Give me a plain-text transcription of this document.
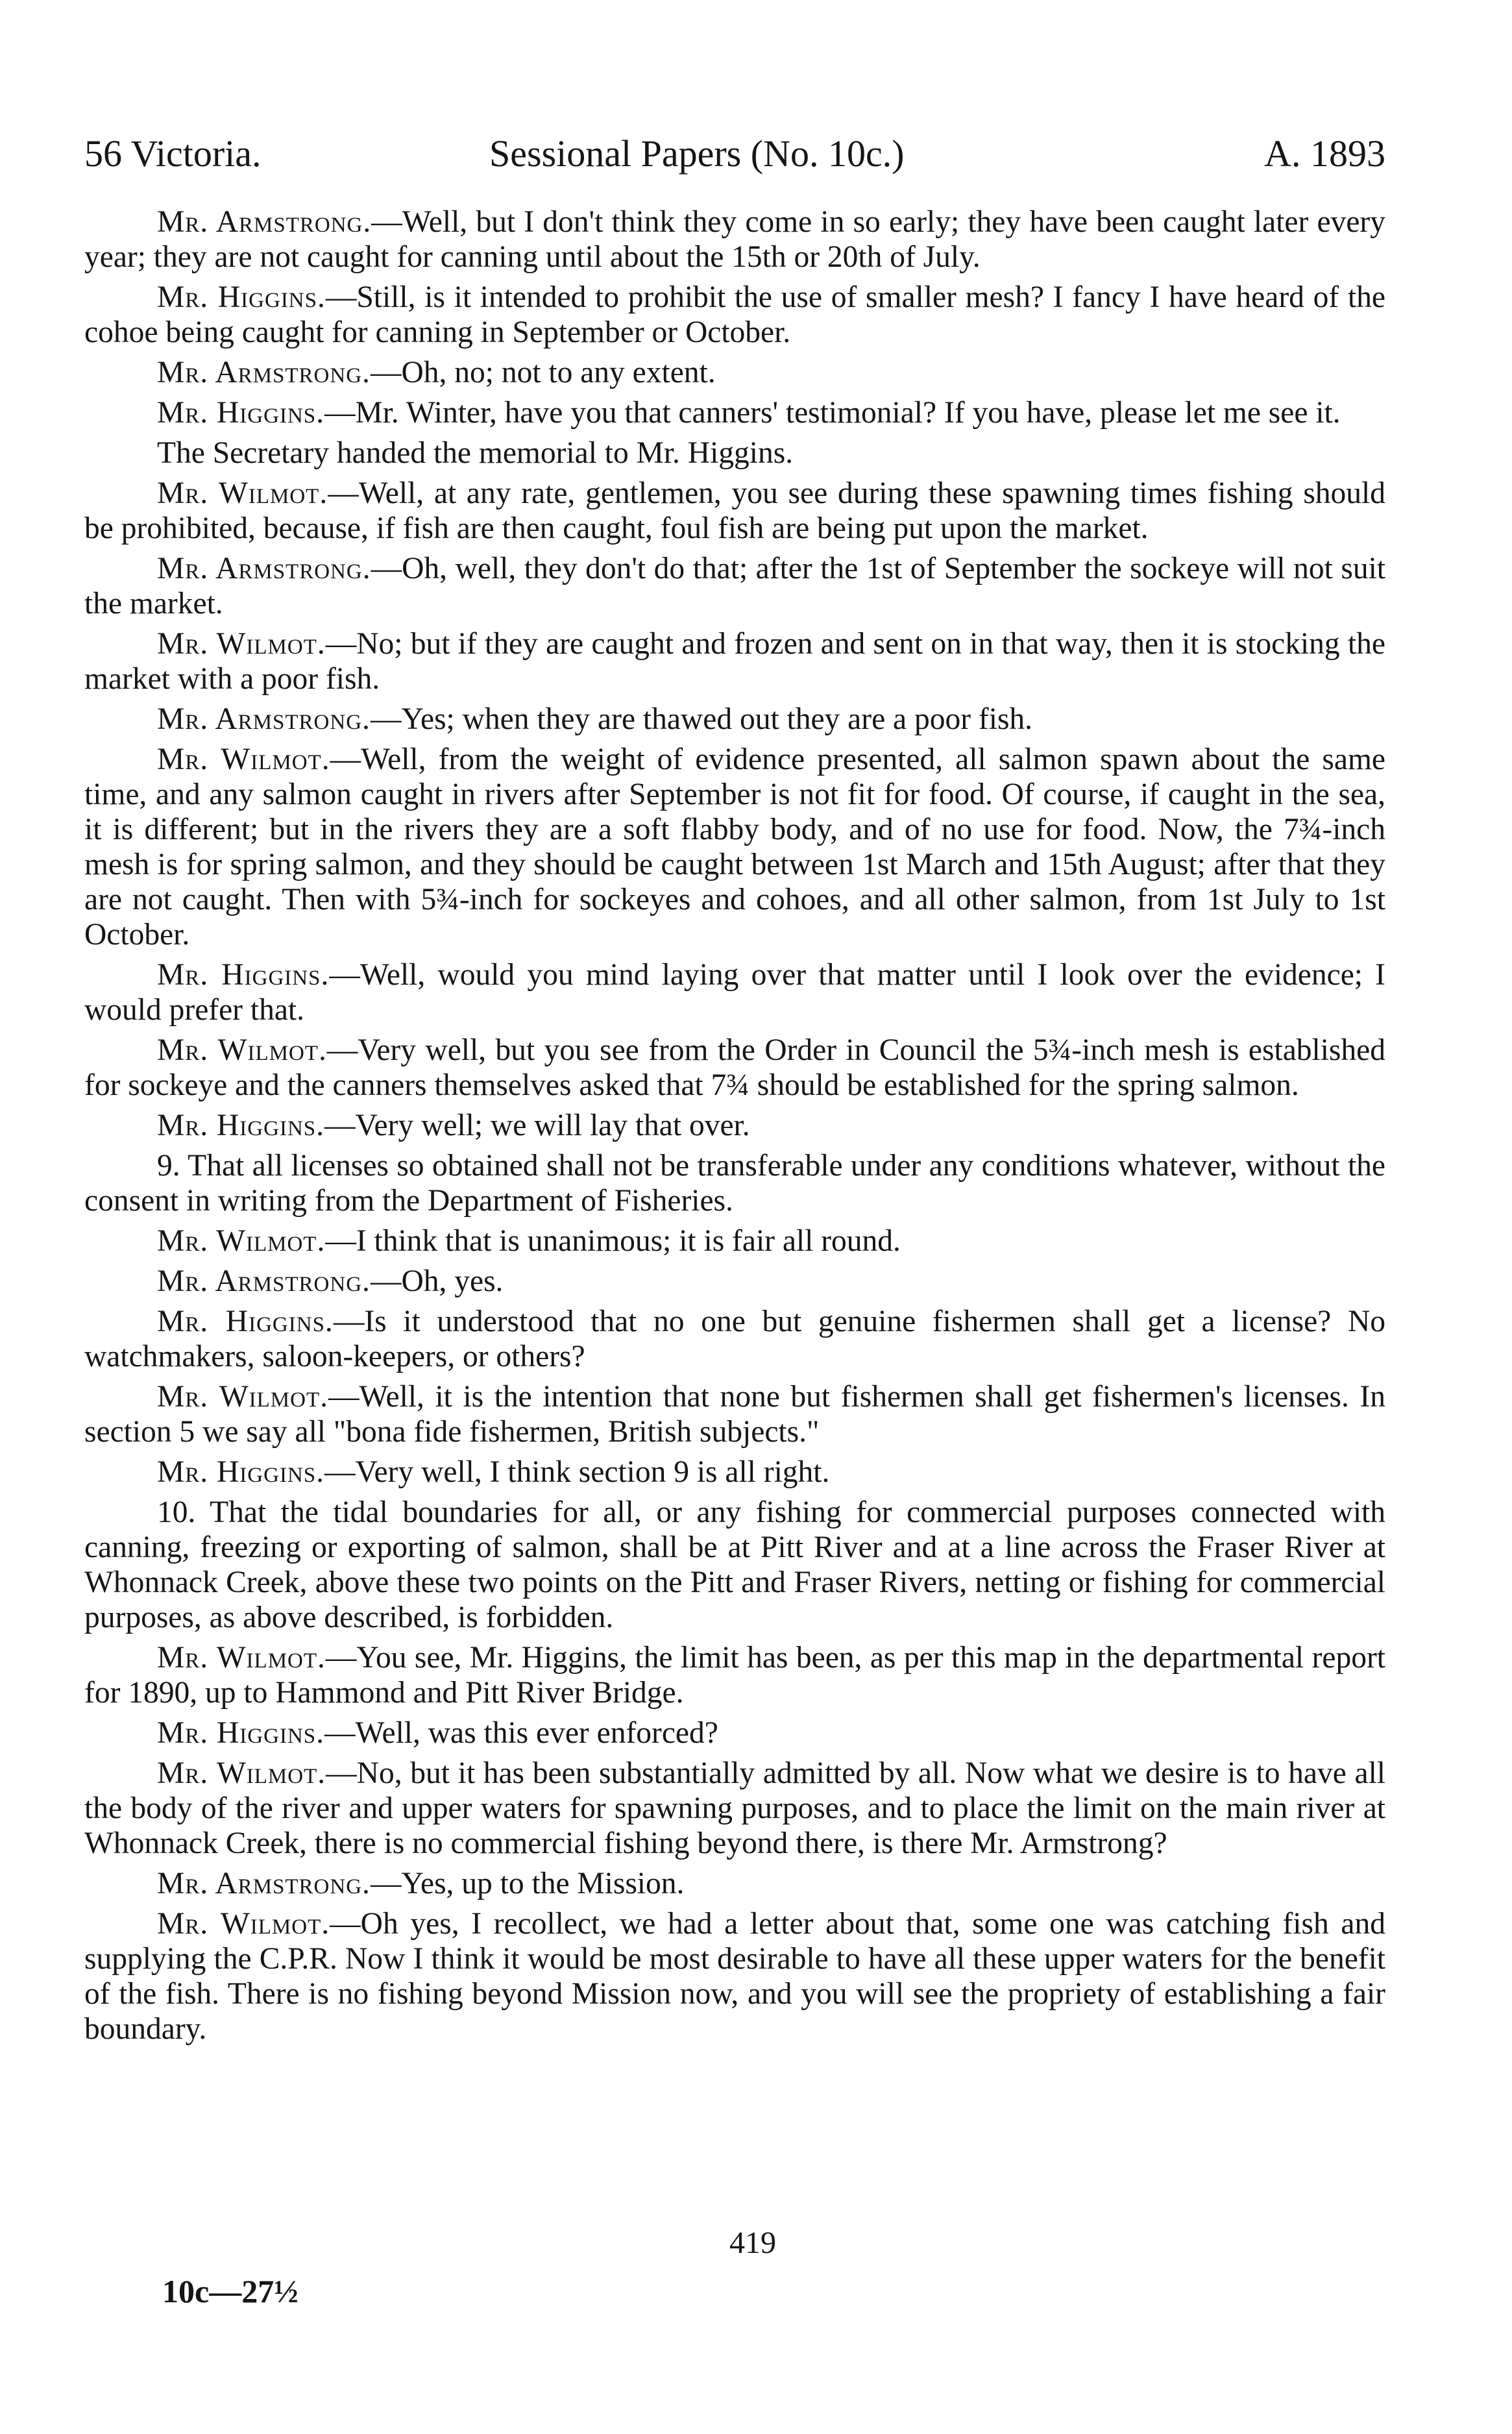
56 Victoria.	Sessional Papers (No. 10c.)	A. 1893

Mr. Armstrong.—Well, but I don't think they come in so early; they have been caught later every year; they are not caught for canning until about the 15th or 20th of July.

Mr. Higgins.—Still, is it intended to prohibit the use of smaller mesh? I fancy I have heard of the cohoe being caught for canning in September or October.

Mr. Armstrong.—Oh, no; not to any extent.

Mr. Higgins.—Mr. Winter, have you that canners' testimonial? If you have, please let me see it.

The Secretary handed the memorial to Mr. Higgins.

Mr. Wilmot.—Well, at any rate, gentlemen, you see during these spawning times fishing should be prohibited, because, if fish are then caught, foul fish are being put upon the market.

Mr. Armstrong.—Oh, well, they don't do that; after the 1st of September the sockeye will not suit the market.

Mr. Wilmot.—No; but if they are caught and frozen and sent on in that way, then it is stocking the market with a poor fish.

Mr. Armstrong.—Yes; when they are thawed out they are a poor fish.

Mr. Wilmot.—Well, from the weight of evidence presented, all salmon spawn about the same time, and any salmon caught in rivers after September is not fit for food. Of course, if caught in the sea, it is different; but in the rivers they are a soft flabby body, and of no use for food. Now, the 7¾-inch mesh is for spring salmon, and they should be caught between 1st March and 15th August; after that they are not caught. Then with 5¾-inch for sockeyes and cohoes, and all other salmon, from 1st July to 1st October.

Mr. Higgins.—Well, would you mind laying over that matter until I look over the evidence; I would prefer that.

Mr. Wilmot.—Very well, but you see from the Order in Council the 5¾-inch mesh is established for sockeye and the canners themselves asked that 7¾ should be established for the spring salmon.

Mr. Higgins.—Very well; we will lay that over.

9. That all licenses so obtained shall not be transferable under any conditions whatever, without the consent in writing from the Department of Fisheries.

Mr. Wilmot.—I think that is unanimous; it is fair all round.

Mr. Armstrong.—Oh, yes.

Mr. Higgins.—Is it understood that no one but genuine fishermen shall get a license? No watchmakers, saloon-keepers, or others?

Mr. Wilmot.—Well, it is the intention that none but fishermen shall get fishermen's licenses. In section 5 we say all "bona fide fishermen, British subjects."

Mr. Higgins.—Very well, I think section 9 is all right.

10. That the tidal boundaries for all, or any fishing for commercial purposes connected with canning, freezing or exporting of salmon, shall be at Pitt River and at a line across the Fraser River at Whonnack Creek, above these two points on the Pitt and Fraser Rivers, netting or fishing for commercial purposes, as above described, is forbidden.

Mr. Wilmot.—You see, Mr. Higgins, the limit has been, as per this map in the departmental report for 1890, up to Hammond and Pitt River Bridge.

Mr. Higgins.—Well, was this ever enforced?

Mr. Wilmot.—No, but it has been substantially admitted by all. Now what we desire is to have all the body of the river and upper waters for spawning purposes, and to place the limit on the main river at Whonnack Creek, there is no commercial fishing beyond there, is there Mr. Armstrong?

Mr. Armstrong.—Yes, up to the Mission.

Mr. Wilmot.—Oh yes, I recollect, we had a letter about that, some one was catching fish and supplying the C.P.R. Now I think it would be most desirable to have all these upper waters for the benefit of the fish. There is no fishing beyond Mission now, and you will see the propriety of establishing a fair boundary.

419
10c—27½
